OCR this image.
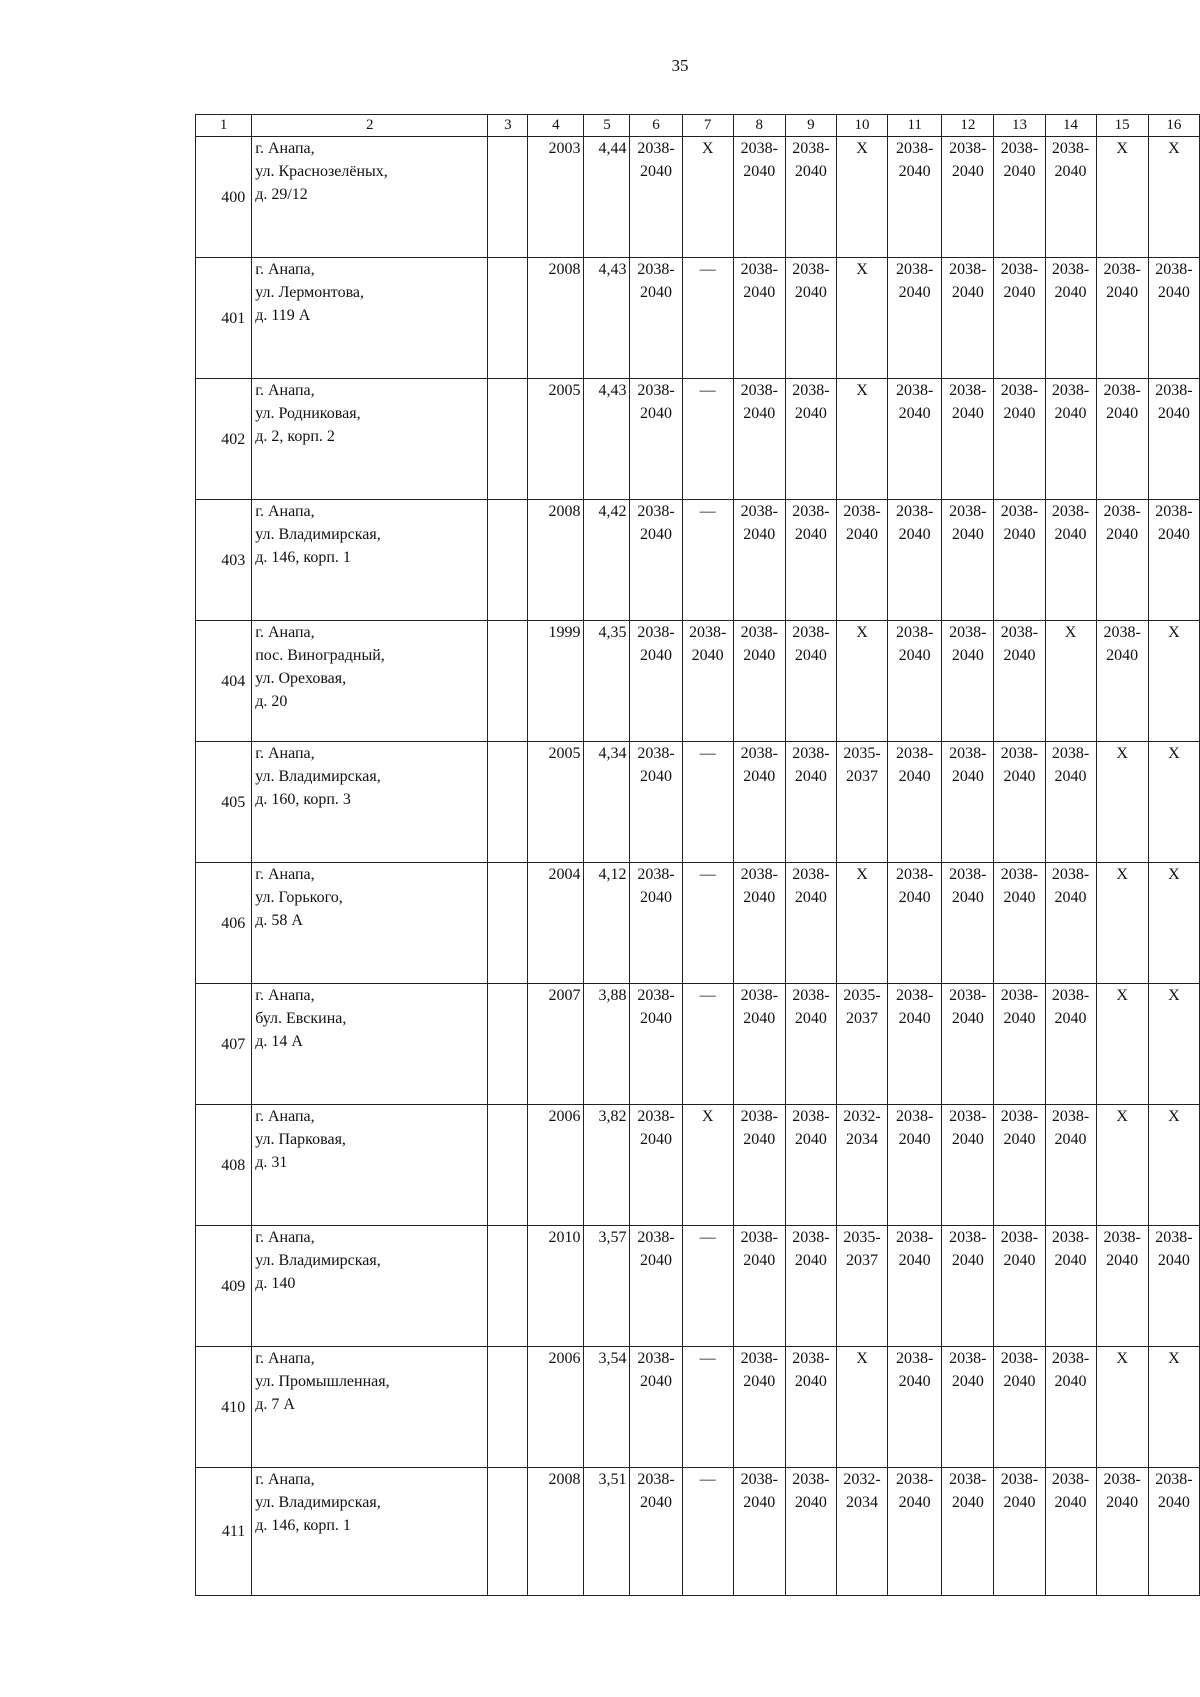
35
1	2	3	4	5	6	7	8	9	10	11	12	13	14	15	16
400	г. Анапа,
ул. Краснозелёных,
д. 29/12		2003	4,44	2038-
2040	Х	2038-
2040	2038-
2040	Х	2038-
2040	2038-
2040	2038-
2040	2038-
2040	Х	Х
401	г. Анапа,
ул. Лермонтова,
д. 119 А		2008	4,43	2038-
2040	—	2038-
2040	2038-
2040	Х	2038-
2040	2038-
2040	2038-
2040	2038-
2040	2038-
2040	2038-
2040
402	г. Анапа,
ул. Родниковая,
д. 2, корп. 2		2005	4,43	2038-
2040	—	2038-
2040	2038-
2040	Х	2038-
2040	2038-
2040	2038-
2040	2038-
2040	2038-
2040	2038-
2040
403	г. Анапа,
ул. Владимирская,
д. 146, корп. 1		2008	4,42	2038-
2040	—	2038-
2040	2038-
2040	2038-
2040	2038-
2040	2038-
2040	2038-
2040	2038-
2040	2038-
2040	2038-
2040
404	г. Анапа,
пос. Виноградный,
ул. Ореховая,
д. 20		1999	4,35	2038-
2040	2038-
2040	2038-
2040	2038-
2040	Х	2038-
2040	2038-
2040	2038-
2040	Х	2038-
2040	Х
405	г. Анапа,
ул. Владимирская,
д. 160, корп. 3		2005	4,34	2038-
2040	—	2038-
2040	2038-
2040	2035-
2037	2038-
2040	2038-
2040	2038-
2040	2038-
2040	Х	Х
406	г. Анапа,
ул. Горького,
д. 58 А		2004	4,12	2038-
2040	—	2038-
2040	2038-
2040	Х	2038-
2040	2038-
2040	2038-
2040	2038-
2040	Х	Х
407	г. Анапа,
бул. Евскина,
д. 14 А		2007	3,88	2038-
2040	—	2038-
2040	2038-
2040	2035-
2037	2038-
2040	2038-
2040	2038-
2040	2038-
2040	Х	Х
408	г. Анапа,
ул. Парковая,
д. 31		2006	3,82	2038-
2040	Х	2038-
2040	2038-
2040	2032-
2034	2038-
2040	2038-
2040	2038-
2040	2038-
2040	Х	Х
409	г. Анапа,
ул. Владимирская,
д. 140		2010	3,57	2038-
2040	—	2038-
2040	2038-
2040	2035-
2037	2038-
2040	2038-
2040	2038-
2040	2038-
2040	2038-
2040	2038-
2040
410	г. Анапа,
ул. Промышленная,
д. 7 А		2006	3,54	2038-
2040	—	2038-
2040	2038-
2040	Х	2038-
2040	2038-
2040	2038-
2040	2038-
2040	Х	Х
411	г. Анапа,
ул. Владимирская,
д. 146, корп. 1		2008	3,51	2038-
2040	—	2038-
2040	2038-
2040	2032-
2034	2038-
2040	2038-
2040	2038-
2040	2038-
2040	2038-
2040	2038-
2040
